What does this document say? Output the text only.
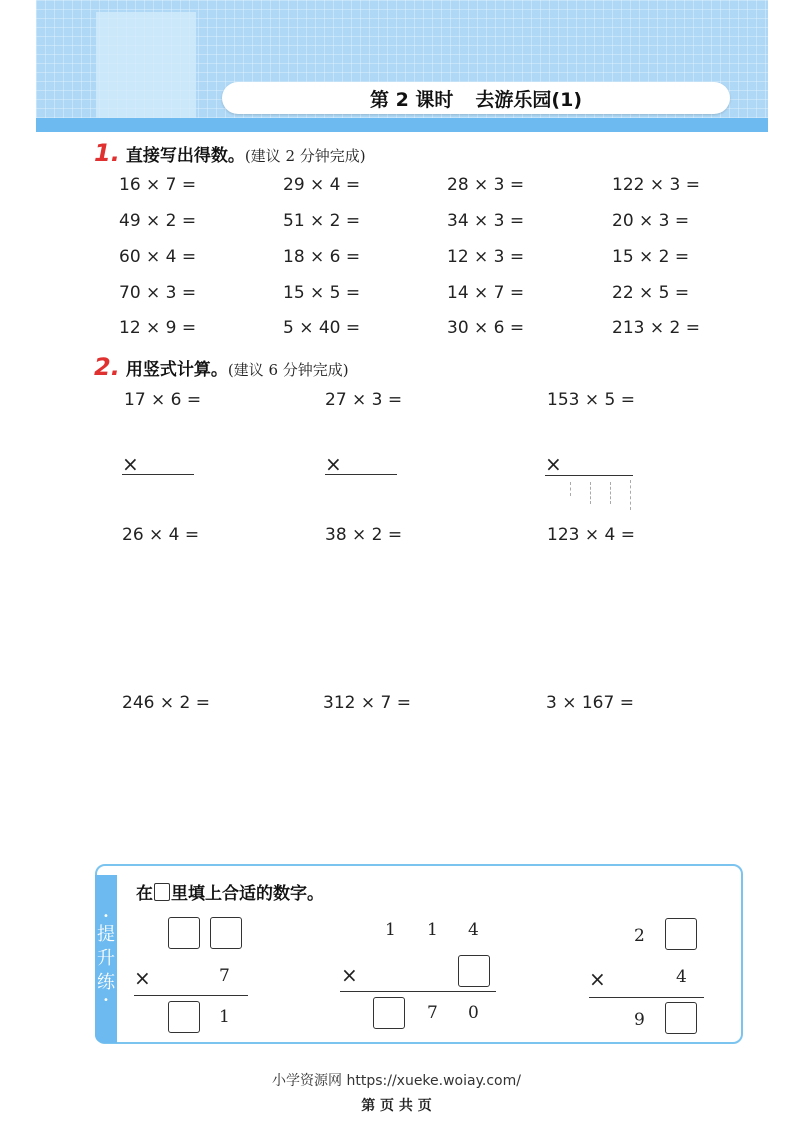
第 2 课时 去游乐园(1)
1. 直接写出得数。 (建议 2 分钟完成)
16 × 7 =	29 × 4 =	28 × 3 =	122 × 3 =
49 × 2 =	51 × 2 =	34 × 3 =	20 × 3 =
60 × 4 =	18 × 6 =	12 × 3 =	15 × 2 =
70 × 3 =	15 × 5 =	14 × 7 =	22 × 5 =
12 × 9 =	5 × 40 =	30 × 6 =	213 × 2 =
2. 用竖式计算。 (建议 6 分钟完成)
17 × 6 =	27 × 3 =	153 × 5 =
26 × 4 =	38 × 2 =	123 × 4 =
246 × 2 =	312 × 7 =	3 × 167 =
×	×	×
•
提
升
练
•
在 里填上合适的数字。
×	7
1
1 1 4
×
7 0
2
×	4
9
小学资源网 https://xueke.woiay.com/
第 页 共 页
